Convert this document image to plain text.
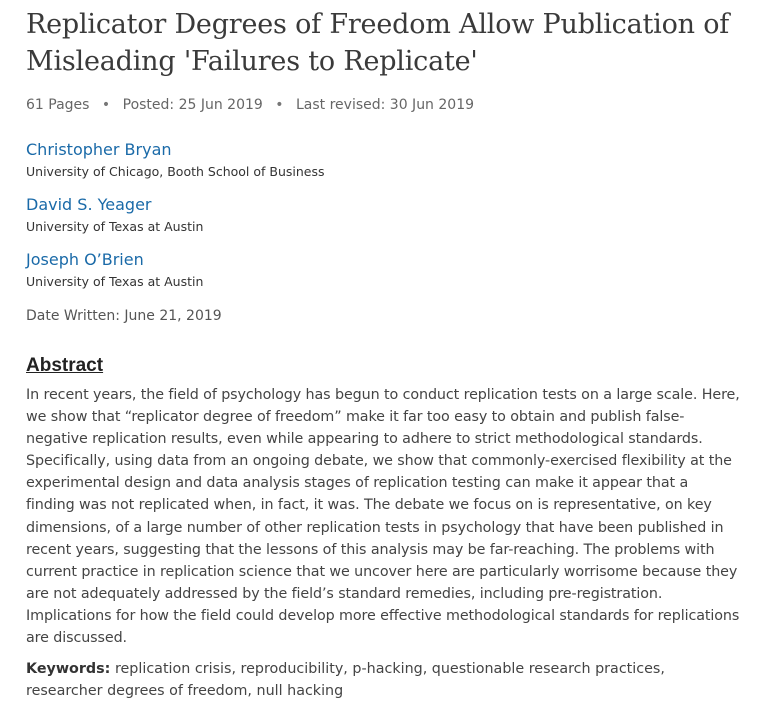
Replicator Degrees of Freedom Allow Publication of Misleading 'Failures to Replicate'
61 Pages • Posted: 25 Jun 2019 • Last revised: 30 Jun 2019
Christopher Bryan
University of Chicago, Booth School of Business
David S. Yeager
University of Texas at Austin
Joseph O’Brien
University of Texas at Austin
Date Written: June 21, 2019
Abstract

In recent years, the field of psychology has begun to conduct replication tests on a large scale. Here, we show that “replicator degree of freedom” make it far too easy to obtain and publish false-negative replication results, even while appearing to adhere to strict methodological standards. Specifically, using data from an ongoing debate, we show that commonly-exercised flexibility at the experimental design and data analysis stages of replication testing can make it appear that a finding was not replicated when, in fact, it was. The debate we focus on is representative, on key dimensions, of a large number of other replication tests in psychology that have been published in recent years, suggesting that the lessons of this analysis may be far-reaching. The problems with current practice in replication science that we uncover here are particularly worrisome because they are not adequately addressed by the field’s standard remedies, including pre-registration. Implications for how the field could develop more effective methodological standards for replications are discussed.

Keywords: replication crisis, reproducibility, p-hacking, questionable research practices, researcher degrees of freedom, null hacking
